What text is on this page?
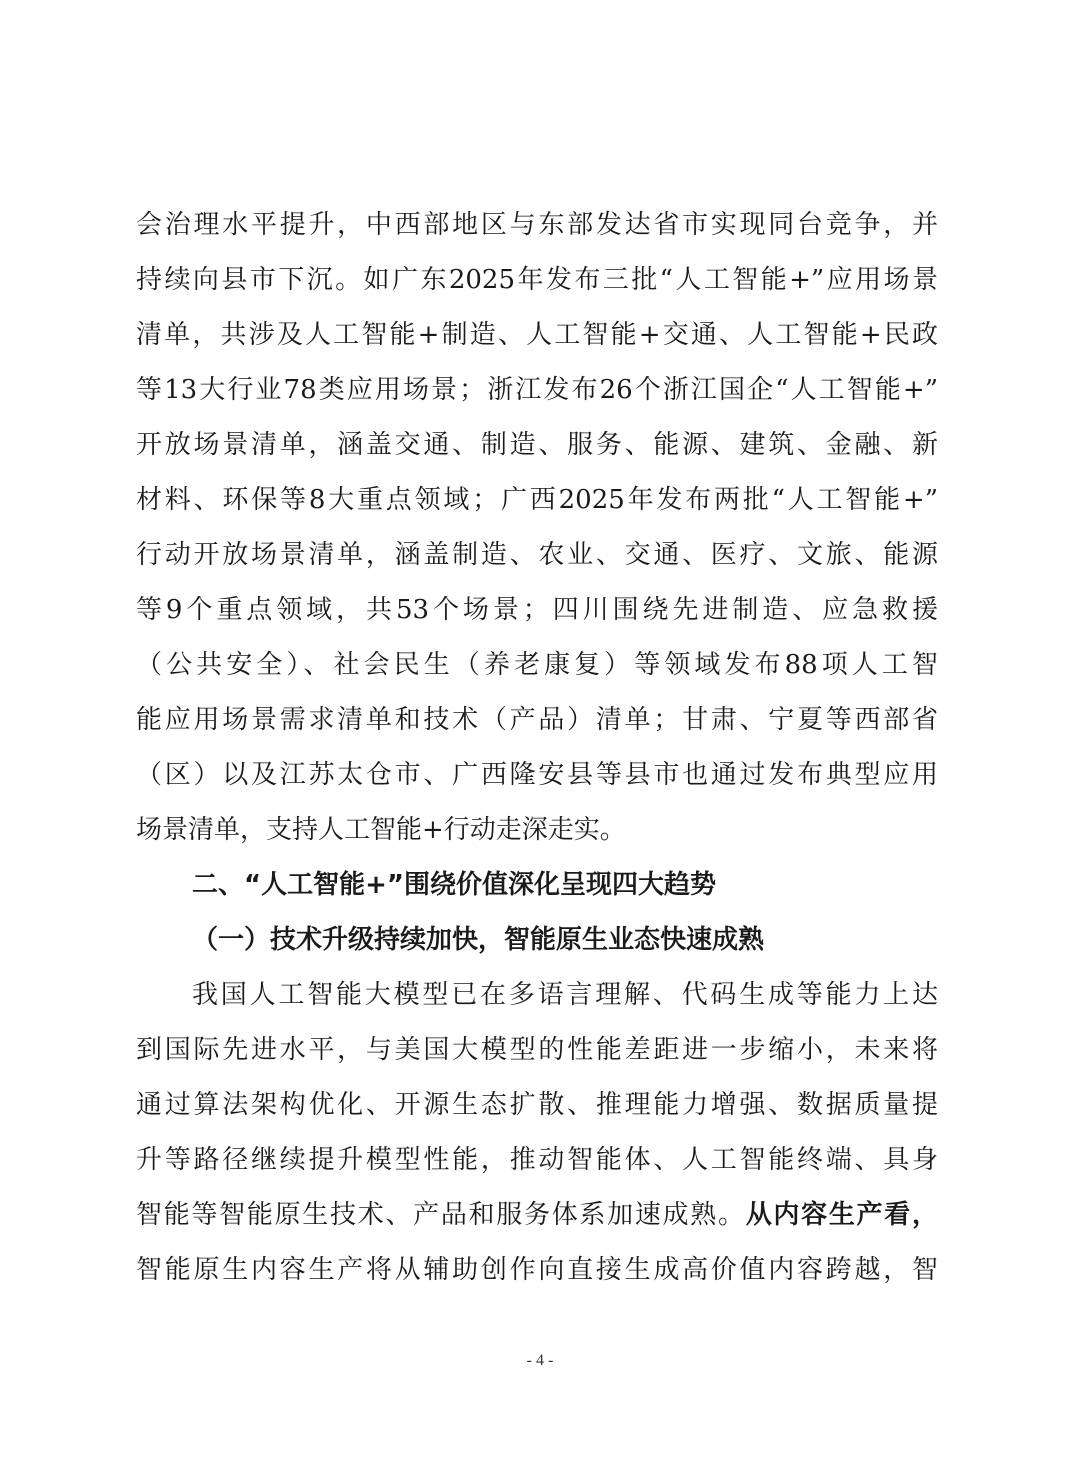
会治理水平提升，中西部地区与东部发达省市实现同台竞争，并
持续向县市下沉。如广东2025年发布三批“人工智能+”应用场景
清单，共涉及人工智能+制造、人工智能+交通、人工智能+民政
等13大行业78类应用场景；浙江发布26个浙江国企“人工智能+”
开放场景清单，涵盖交通、制造、服务、能源、建筑、金融、新
材料、环保等8大重点领域；广西2025年发布两批“人工智能+”
行动开放场景清单，涵盖制造、农业、交通、医疗、文旅、能源
等9个重点领域，共53个场景；四川围绕先进制造、应急救援
（公共安全）、社会民生（养老康复）等领域发布88项人工智
能应用场景需求清单和技术（产品）清单；甘肃、宁夏等西部省
（区）以及江苏太仓市、广西隆安县等县市也通过发布典型应用
场景清单，支持人工智能+行动走深走实。
二、“人工智能+”围绕价值深化呈现四大趋势
（一）技术升级持续加快，智能原生业态快速成熟
我国人工智能大模型已在多语言理解、代码生成等能力上达
到国际先进水平，与美国大模型的性能差距进一步缩小，未来将
通过算法架构优化、开源生态扩散、推理能力增强、数据质量提
升等路径继续提升模型性能，推动智能体、人工智能终端、具身
智能等智能原生技术、产品和服务体系加速成熟。从内容生产看，
智能原生内容生产将从辅助创作向直接生成高价值内容跨越，智
- 4 -
